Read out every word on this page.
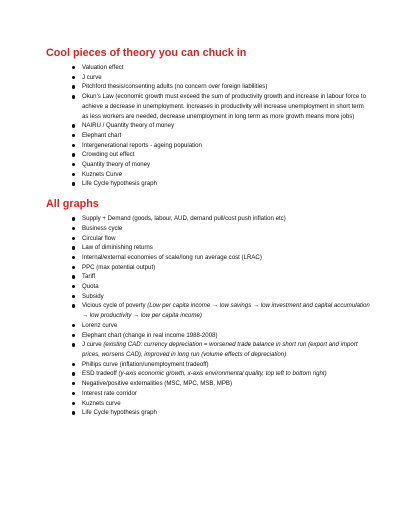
Cool pieces of theory you can chuck in
Valuation effect
J curve
Pitchford thesis/consenting adults (no concern over foreign liabilities)
Okun's Law (economic growth must exceed the sum of productivity growth and increase in labour force to achieve a decrease in unemployment. Increases in productivity will increase unemployment in short term as less workers are needed, decrease unemployment in long term as more growth means more jobs)
NAIRU / Quantity theory of money
Elephant chart
Intergenerational reports - ageing population
Crowding out effect
Quantity theory of money
Kuznets Curve
Life Cycle hypothesis graph
All graphs
Supply + Demand (goods, labour, AUD, demand pull/cost push inflation etc)
Business cycle
Circular flow
Law of diminishing returns
Internal/external economies of scale/long run average cost (LRAC)
PPC (max potential output)
Tariff
Quota
Subsidy
Vicious cycle of poverty (Low per capita income → low savings → low investment and capital accumulation → low productivity → low per capita income)
Lorenz curve
Elephant chart (change in real income 1988-2008)
J curve (existing CAD: currency depreciation = worsened trade balance in short run (export and import prices, worsens CAD), improved in long run (volume effects of depreciation)
Phillips curve (inflation/unemployment tradeoff)
ESD tradeoff (y-axis economic growth, x-axis environmental quality, top left to bottom right)
Negative/positive externalities (MSC, MPC, MSB, MPB)
Interest rate corridor
Kuznets curve
Life Cycle hypothesis graph
